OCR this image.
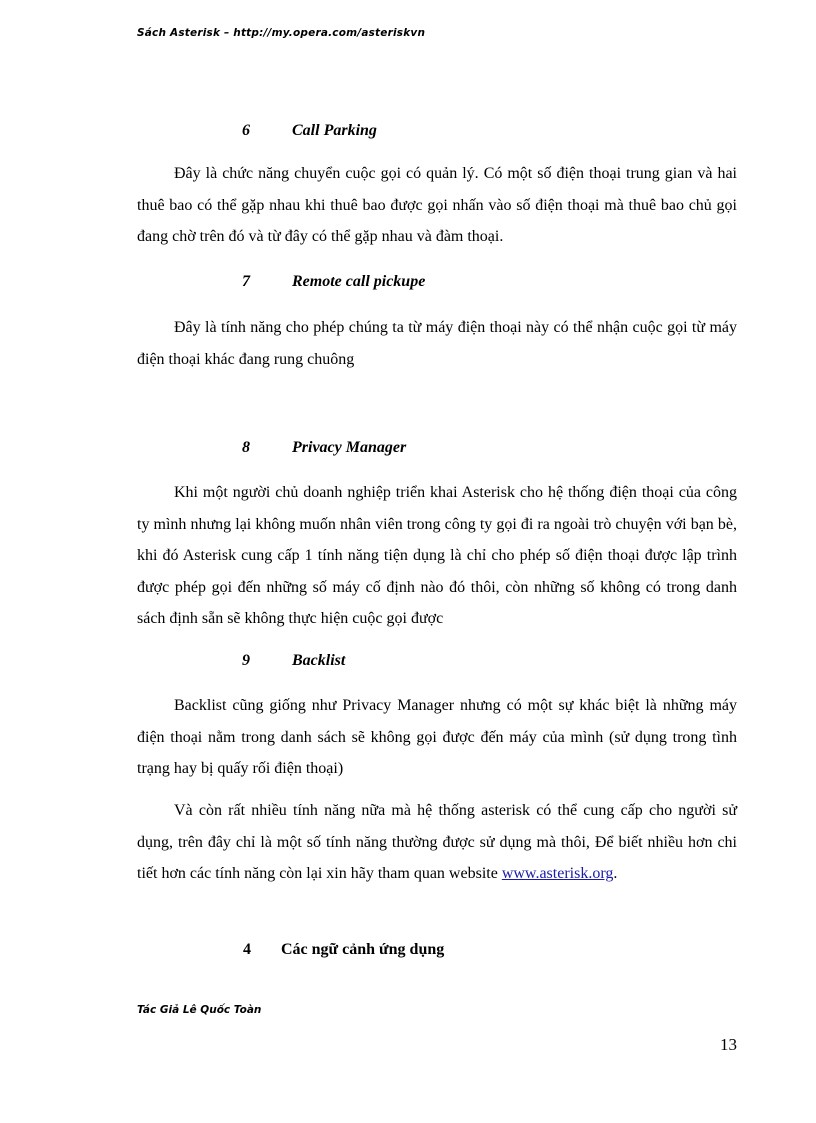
Sách Asterisk – http://my.opera.com/asteriskvn
6	Call Parking

Đây là chức năng chuyển cuộc gọi có quản lý. Có một số điện thoại trung gian và hai thuê bao có thể gặp nhau khi thuê bao được gọi nhấn vào số điện thoại mà thuê bao chủ gọi đang chờ trên đó và từ đây có thể gặp nhau và đàm thoại.

7	Remote call pickupe

Đây là tính năng cho phép chúng ta từ máy điện thoại này có thể nhận cuộc gọi từ máy điện thoại khác đang rung chuông

8	Privacy Manager

Khi một người chủ doanh nghiệp triển khai Asterisk cho hệ thống điện thoại của công ty mình nhưng lại không muốn nhân viên trong công ty gọi đi ra ngoài trò chuyện với bạn bè, khi đó Asterisk cung cấp 1 tính năng tiện dụng là chỉ cho phép số điện thoại được lập trình được phép gọi đến những số máy cố định nào đó thôi, còn những số không có trong danh sách định sẵn sẽ không thực hiện cuộc gọi được

9	Backlist

Backlist cũng giống như Privacy Manager nhưng có một sự khác biệt là những máy điện thoại nằm trong danh sách sẽ không gọi được đến máy của mình (sử dụng trong tình trạng hay bị quấy rối điện thoại)

Và còn rất nhiều tính năng nữa mà hệ thống asterisk có thể cung cấp cho người sử dụng, trên đây chỉ là một số tính năng thường được sử dụng mà thôi, Để biết nhiều hơn chi tiết hơn các tính năng còn lại xin hãy tham quan website www.asterisk.org.

4 Các ngữ cảnh ứng dụng
Tác Giả Lê Quốc Toàn
13
